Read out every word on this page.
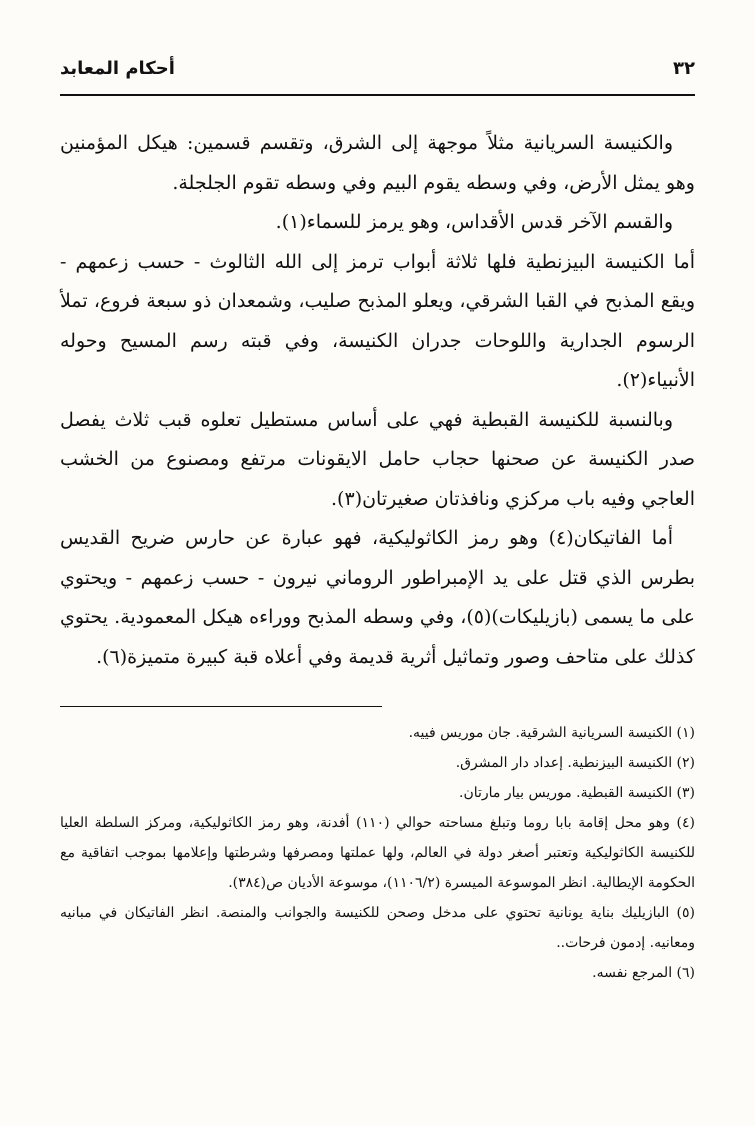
٣٢
أحكام المعابد

والكنيسة السريانية مثلاً موجهة إلى الشرق، وتقسم قسمين: هيكل المؤمنين وهو يمثل الأرض، وفي وسطه يقوم البيم وفي وسطه تقوم الجلجلة.

والقسم الآخر قدس الأقداس، وهو يرمز للسماء(١).

أما الكنيسة البيزنطية فلها ثلاثة أبواب ترمز إلى الله الثالوث - حسب زعمهم - ويقع المذبح في القبا الشرقي، ويعلو المذبح صليب، وشمعدان ذو سبعة فروع، تملأ الرسوم الجدارية واللوحات جدران الكنيسة، وفي قبته رسم المسيح وحوله الأنبياء(٢).

وبالنسبة للكنيسة القبطية فهي على أساس مستطيل تعلوه قبب ثلاث يفصل صدر الكنيسة عن صحنها حجاب حامل الايقونات مرتفع ومصنوع من الخشب العاجي وفيه باب مركزي ونافذتان صغيرتان(٣).

أما الفاتيكان(٤) وهو رمز الكاثوليكية، فهو عبارة عن حارس ضريح القديس بطرس الذي قتل على يد الإمبراطور الروماني نيرون - حسب زعمهم - ويحتوي على ما يسمى (بازيليكات)(٥)، وفي وسطه المذبح ووراءه هيكل المعمودية. يحتوي كذلك على متاحف وصور وتماثيل أثرية قديمة وفي أعلاه قبة كبيرة متميزة(٦).

(١) الكنيسة السريانية الشرقية. جان موريس فييه.

(٢) الكنيسة البيزنطية. إعداد دار المشرق.

(٣) الكنيسة القبطية. موريس بيار مارتان.

(٤) وهو محل إقامة بابا روما وتبلغ مساحته حوالي (١١٠) أفدنة، وهو رمز الكاثوليكية، ومركز السلطة العليا للكنيسة الكاثوليكية وتعتبر أصغر دولة في العالم، ولها عملتها ومصرفها وشرطتها وإعلامها بموجب اتفاقية مع الحكومة الإيطالية. انظر الموسوعة الميسرة (١١٠٦/٢)، موسوعة الأديان ص(٣٨٤).

(٥) البازيليك بناية يونانية تحتوي على مدخل وصحن للكنيسة والجوانب والمنصة. انظر الفاتيكان في مبانيه ومعانيه. إدمون فرحات..

(٦) المرجع نفسه.
